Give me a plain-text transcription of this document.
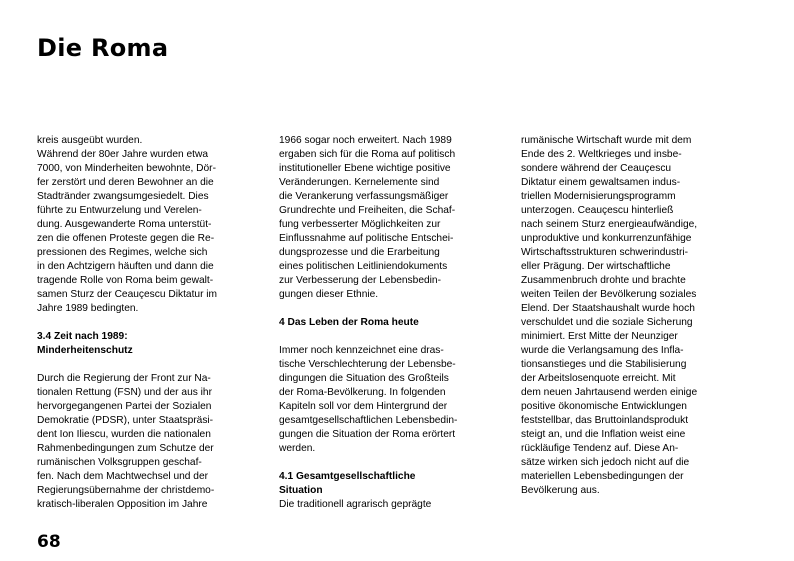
Die Roma
kreis ausgeübt wurden.
Während der 80er Jahre wurden etwa
7000, von Minderheiten bewohnte, Dör-
fer zerstört und deren Bewohner an die
Stadtränder zwangsumgesiedelt. Dies
führte zu Entwurzelung und Verelen-
dung. Ausgewanderte Roma unterstüt-
zen die offenen Proteste gegen die Re-
pressionen des Regimes, welche sich
in den Achtzigern häuften und dann die
tragende Rolle von Roma beim gewalt-
samen Sturz der Ceauçescu Diktatur im
Jahre 1989 bedingten.
3.4 Zeit nach 1989:
Minderheitenschutz
Durch die Regierung der Front zur Na-
tionalen Rettung (FSN) und der aus ihr
hervorgegangenen Partei der Sozialen
Demokratie (PDSR), unter Staatspräsi-
dent Ion Iliescu, wurden die nationalen
Rahmenbedingungen zum Schutze der
rumänischen Volksgruppen geschaf-
fen. Nach dem Machtwechsel und der
Regierungsübernahme der christdemo-
kratisch-liberalen Opposition im Jahre
1966 sogar noch erweitert. Nach 1989
ergaben sich für die Roma auf politisch
institutioneller Ebene wichtige positive
Veränderungen. Kernelemente sind
die Verankerung verfassungsmäßiger
Grundrechte und Freiheiten, die Schaf-
fung verbesserter Möglichkeiten zur
Einflussnahme auf politische Entschei-
dungsprozesse und die Erarbeitung
eines politischen Leitliniendokuments
zur Verbesserung der Lebensbedin-
gungen dieser Ethnie.
4 Das Leben der Roma heute
Immer noch kennzeichnet eine dras-
tische Verschlechterung der Lebensbe-
dingungen die Situation des Großteils
der Roma-Bevölkerung. In folgenden
Kapiteln soll vor dem Hintergrund der
gesamtgesellschaftlichen Lebensbedin-
gungen die Situation der Roma erörtert
werden.
4.1 Gesamtgesellschaftliche
Situation
Die traditionell agrarisch geprägte
rumänische Wirtschaft wurde mit dem
Ende des 2. Weltkrieges und insbe-
sondere während der Ceauçescu
Diktatur einem gewaltsamen indus-
triellen Modernisierungsprogramm
unterzogen. Ceauçescu hinterließ
nach seinem Sturz energieaufwändige,
unproduktive und konkurrenzunfähige
Wirtschaftsstrukturen schwerindustri-
eller Prägung. Der wirtschaftliche
Zusammenbruch drohte und brachte
weiten Teilen der Bevölkerung soziales
Elend. Der Staatshaushalt wurde hoch
verschuldet und die soziale Sicherung
minimiert. Erst Mitte der Neunziger
wurde die Verlangsamung des Infla-
tionsanstieges und die Stabilisierung
der Arbeitslosenquote erreicht. Mit
dem neuen Jahrtausend werden einige
positive ökonomische Entwicklungen
feststellbar, das Bruttoinlandsprodukt
steigt an, und die Inflation weist eine
rückläufige Tendenz auf. Diese An-
sätze wirken sich jedoch nicht auf die
materiellen Lebensbedingungen der
Bevölkerung aus.
68
